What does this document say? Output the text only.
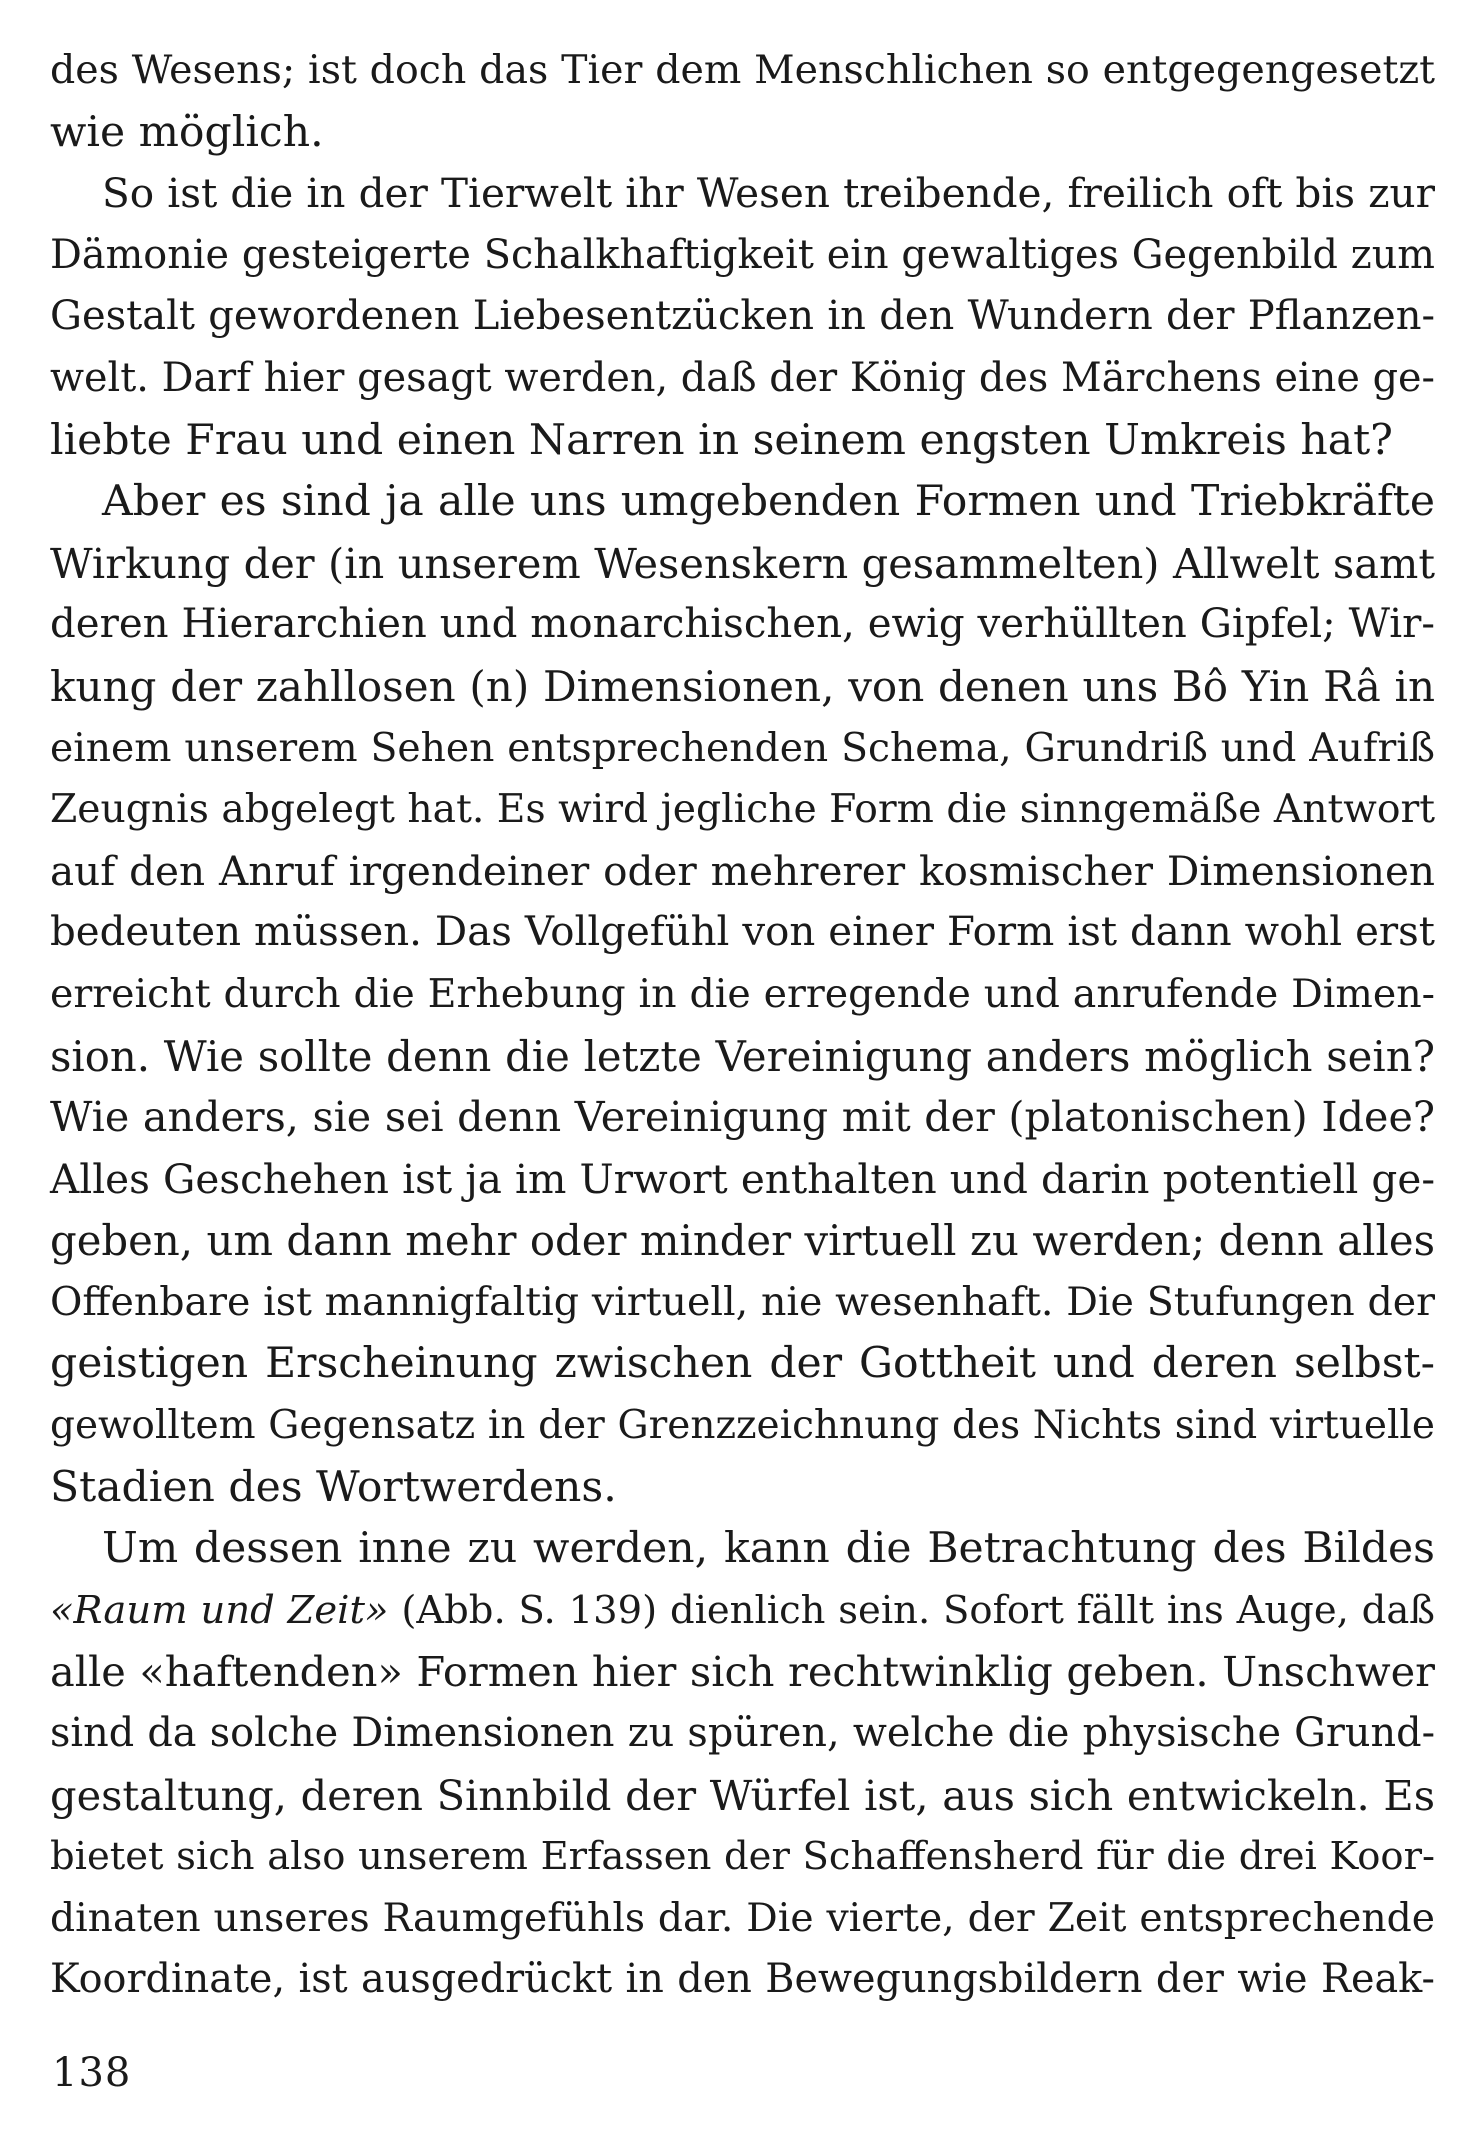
des Wesens; ist doch das Tier dem Menschlichen so entgegengesetzt
wie möglich.
So ist die in der Tierwelt ihr Wesen treibende, freilich oft bis zur
Dämonie gesteigerte Schalkhaftigkeit ein gewaltiges Gegenbild zum
Gestalt gewordenen Liebesentzücken in den Wundern der Pflanzen-
welt. Darf hier gesagt werden, daß der König des Märchens eine ge-
liebte Frau und einen Narren in seinem engsten Umkreis hat?
Aber es sind ja alle uns umgebenden Formen und Triebkräfte
Wirkung der (in unserem Wesenskern gesammelten) Allwelt samt
deren Hierarchien und monarchischen, ewig verhüllten Gipfel; Wir-
kung der zahllosen (n) Dimensionen, von denen uns Bô Yin Râ in
einem unserem Sehen entsprechenden Schema, Grundriß und Aufriß
Zeugnis abgelegt hat. Es wird jegliche Form die sinngemäße Antwort
auf den Anruf irgendeiner oder mehrerer kosmischer Dimensionen
bedeuten müssen. Das Vollgefühl von einer Form ist dann wohl erst
erreicht durch die Erhebung in die erregende und anrufende Dimen-
sion. Wie sollte denn die letzte Vereinigung anders möglich sein?
Wie anders, sie sei denn Vereinigung mit der (platonischen) Idee?
Alles Geschehen ist ja im Urwort enthalten und darin potentiell ge-
geben, um dann mehr oder minder virtuell zu werden; denn alles
Offenbare ist mannigfaltig virtuell, nie wesenhaft. Die Stufungen der
geistigen Erscheinung zwischen der Gottheit und deren selbst-
gewolltem Gegensatz in der Grenzzeichnung des Nichts sind virtuelle
Stadien des Wortwerdens.
Um dessen inne zu werden, kann die Betrachtung des Bildes
«Raum und Zeit» (Abb. S. 139) dienlich sein. Sofort fällt ins Auge, daß
alle «haftenden» Formen hier sich rechtwinklig geben. Unschwer
sind da solche Dimensionen zu spüren, welche die physische Grund-
gestaltung, deren Sinnbild der Würfel ist, aus sich entwickeln. Es
bietet sich also unserem Erfassen der Schaffensherd für die drei Koor-
dinaten unseres Raumgefühls dar. Die vierte, der Zeit entsprechende
Koordinate, ist ausgedrückt in den Bewegungsbildern der wie Reak-
138
